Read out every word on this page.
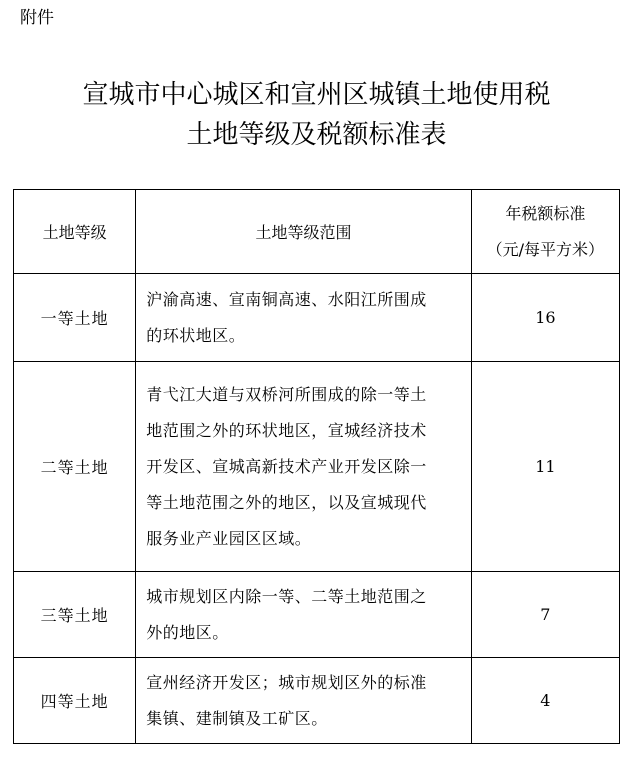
附件
宣城市中心城区和宣州区城镇土地使用税
土地等级及税额标准表
土地等级	土地等级范围	年税额标准
（元/每平方米）

一等土地	沪渝高速、宣南铜高速、水阳江所围成
的环状地区。	16
二等土地	青弋江大道与双桥河所围成的除一等土
地范围之外的环状地区，宣城经济技术
开发区、宣城高新技术产业开发区除一
等土地范围之外的地区，以及宣城现代
服务业产业园区区域。	11
三等土地	城市规划区内除一等、二等土地范围之
外的地区。	7
四等土地	宣州经济开发区；城市规划区外的标准
集镇、建制镇及工矿区。	4
